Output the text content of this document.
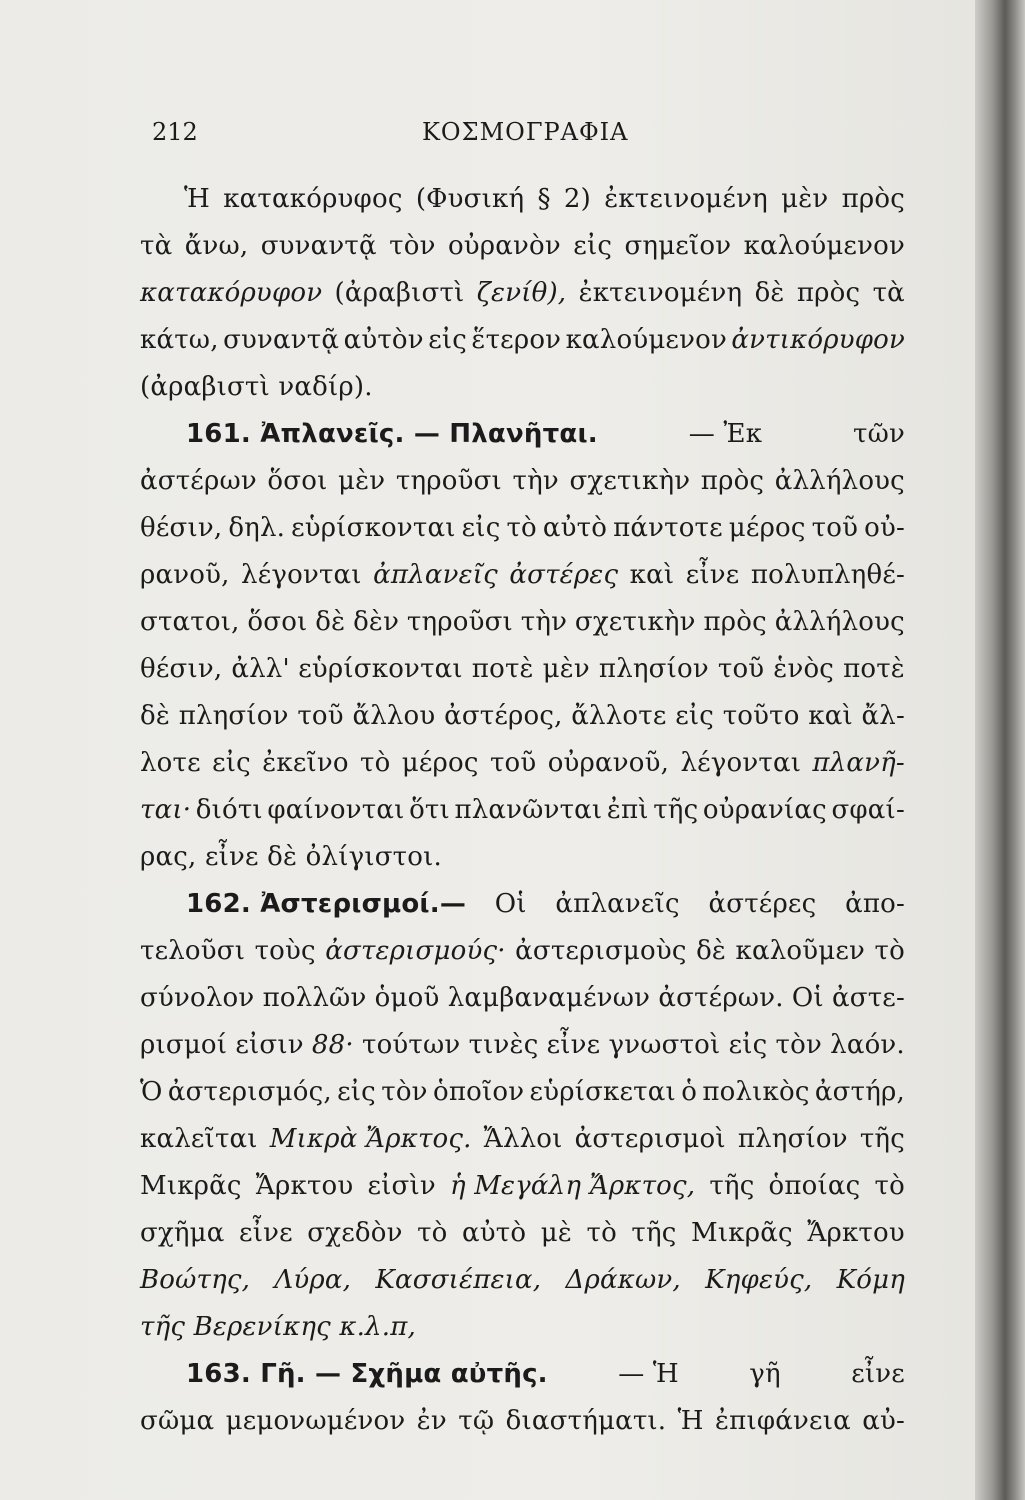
212	ΚΟΣΜΟΓΡΑΦΙΑ
Ἡ κατακόρυφος (Φυσική § 2) ἐκτεινομένη μὲν πρὸς
τὰ ἄνω, συναντᾷ τὸν οὐρανὸν εἰς σημεῖον καλούμενον
κατακόρυφον (ἀραβιστὶ ζενίθ), ἐκτεινομένη δὲ πρὸς τὰ
κάτω, συναντᾷ αὐτὸν εἰς ἕτερον καλούμενον ἀντικόρυφον
(ἀραβιστὶ ναδίρ).
161. Ἀπλανεῖς. — Πλανῆται.	— Ἐκ	τῶν
ἀστέρων ὅσοι μὲν τηροῦσι τὴν σχετικὴν πρὸς ἀλλήλους
θέσιν, δηλ. εὑρίσκονται εἰς τὸ αὐτὸ πάντοτε μέρος τοῦ οὐ-
ρανοῦ, λέγονται ἀπλανεῖς ἀστέρες καὶ εἶνε πολυπληθέ-
στατοι, ὅσοι δὲ δὲν τηροῦσι τὴν σχετικὴν πρὸς ἀλλήλους
θέσιν, ἀλλ' εὑρίσκονται ποτὲ μὲν πλησίον τοῦ ἑνὸς ποτὲ
δὲ πλησίον τοῦ ἄλλου ἀστέρος, ἄλλοτε εἰς τοῦτο καὶ ἄλ-
λοτε εἰς ἐκεῖνο τὸ μέρος τοῦ οὐρανοῦ, λέγονται πλανῆ-
ται· διότι φαίνονται ὅτι πλανῶνται ἐπὶ τῆς οὐρανίας σφαί-
ρας,
εἶνε
δὲ
ὀλίγιστοι.
162. Ἀστερισμοί.— Οἱ ἀπλανεῖς ἀστέρες ἀπο-
τελοῦσι τοὺς ἀστερισμούς· ἀστερισμοὺς δὲ καλοῦμεν τὸ
σύνολον πολλῶν ὁμοῦ λαμβαναμένων ἀστέρων. Οἱ ἀστε-
ρισμοί εἰσιν 88· τούτων τινὲς εἶνε γνωστοὶ εἰς τὸν λαόν.
Ὁ ἀστερισμός, εἰς τὸν ὁποῖον εὑρίσκεται ὁ πολικὸς ἀστήρ,
καλεῖται Μικρὰ Ἄρκτος. Ἄλλοι ἀστερισμοὶ πλησίον τῆς
Μικρᾶς Ἄρκτου εἰσὶν ἡ Μεγάλη Ἄρκτος, τῆς ὁποίας τὸ
σχῆμα εἶνε σχεδὸν τὸ αὐτὸ μὲ τὸ τῆς Μικρᾶς Ἄρκτου
Βοώτης, Λύρα, Κασσιέπεια, Δράκων, Κηφεύς, Κόμη
τῆς Βερενίκης κ.λ.π,
163. Γῆ. — Σχῆμα αὐτῆς.	— Ἡ	γῆ	εἶνε
σῶμα μεμονωμένον ἐν τῷ διαστήματι. Ἡ ἐπιφάνεια αὐ-
